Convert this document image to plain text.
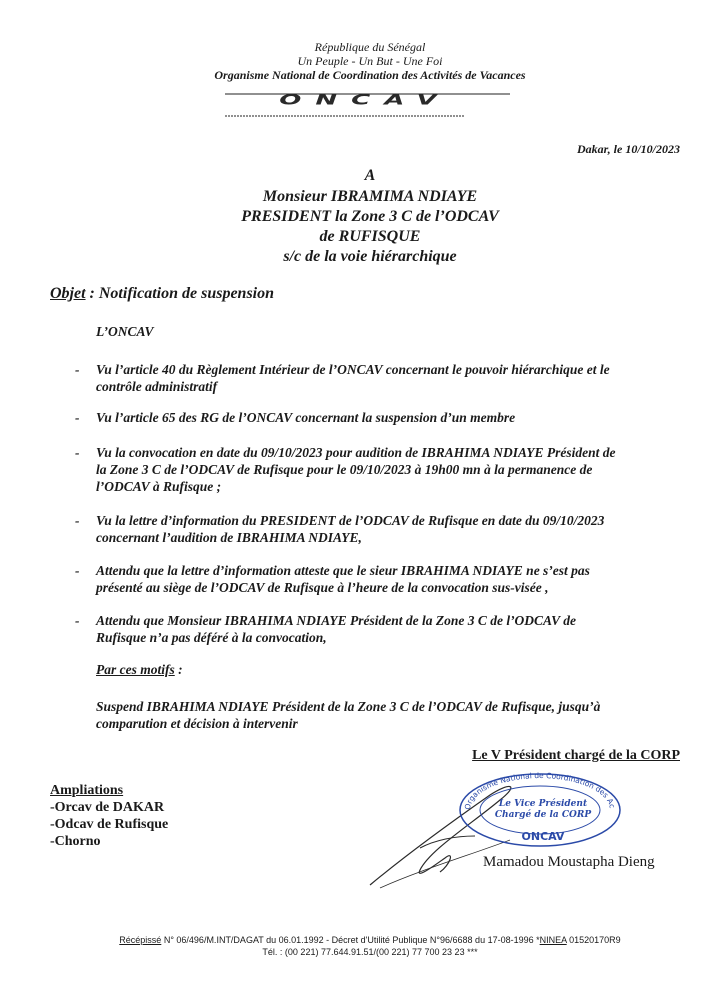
République du Sénégal
Un Peuple - Un But - Une Foi
Organisme National de Coordination des Activités de Vacances
ONCAV
Dakar, le 10/10/2023
A
Monsieur IBRAMIMA NDIAYE
PRESIDENT la Zone 3 C de l’ODCAV
de RUFISQUE
s/c de la voie hiérarchique
Objet : Notification de suspension
L’ONCAV
- Vu l’article 40 du Règlement Intérieur de l’ONCAV concernant le pouvoir hiérarchique et le
contrôle administratif
- Vu l’article 65 des RG de l’ONCAV concernant la suspension d’un membre
- Vu la convocation en date du 09/10/2023 pour audition de IBRAHIMA NDIAYE Président de
la Zone 3 C de l’ODCAV de Rufisque pour le 09/10/2023 à 19h00 mn à la permanence de
l’ODCAV à Rufisque ;
- Vu la lettre d’information du PRESIDENT de l’ODCAV de Rufisque en date du 09/10/2023
concernant l’audition de IBRAHIMA NDIAYE,
- Attendu que la lettre d’information atteste que le sieur IBRAHIMA NDIAYE ne s’est pas
présenté au siège de l’ODCAV de Rufisque à l’heure de la convocation sus-visée ,
- Attendu que Monsieur IBRAHIMA NDIAYE Président de la Zone 3 C de l’ODCAV de
Rufisque n’a pas déféré à la convocation,
Par ces motifs :
Suspend IBRAHIMA NDIAYE Président de la Zone 3 C de l’ODCAV de Rufisque, jusqu’à
comparution et décision à intervenir
Le V Président chargé de la CORP
Organisme National de Coordination des Ac
Le Vice Président
Chargé de la CORP
ONCAV
Mamadou Moustapha Dieng
Ampliations
-Orcav de DAKAR
-Odcav de Rufisque
-Chorno
Récépissé N° 06/496/M.INT/DAGAT du 06.01.1992 - Décret d'Utilité Publique N°96/6688 du 17-08-1996 *NINEA 01520170R9
Tél. : (00 221) 77.644.91.51/(00 221) 77 700 23 23 ***
